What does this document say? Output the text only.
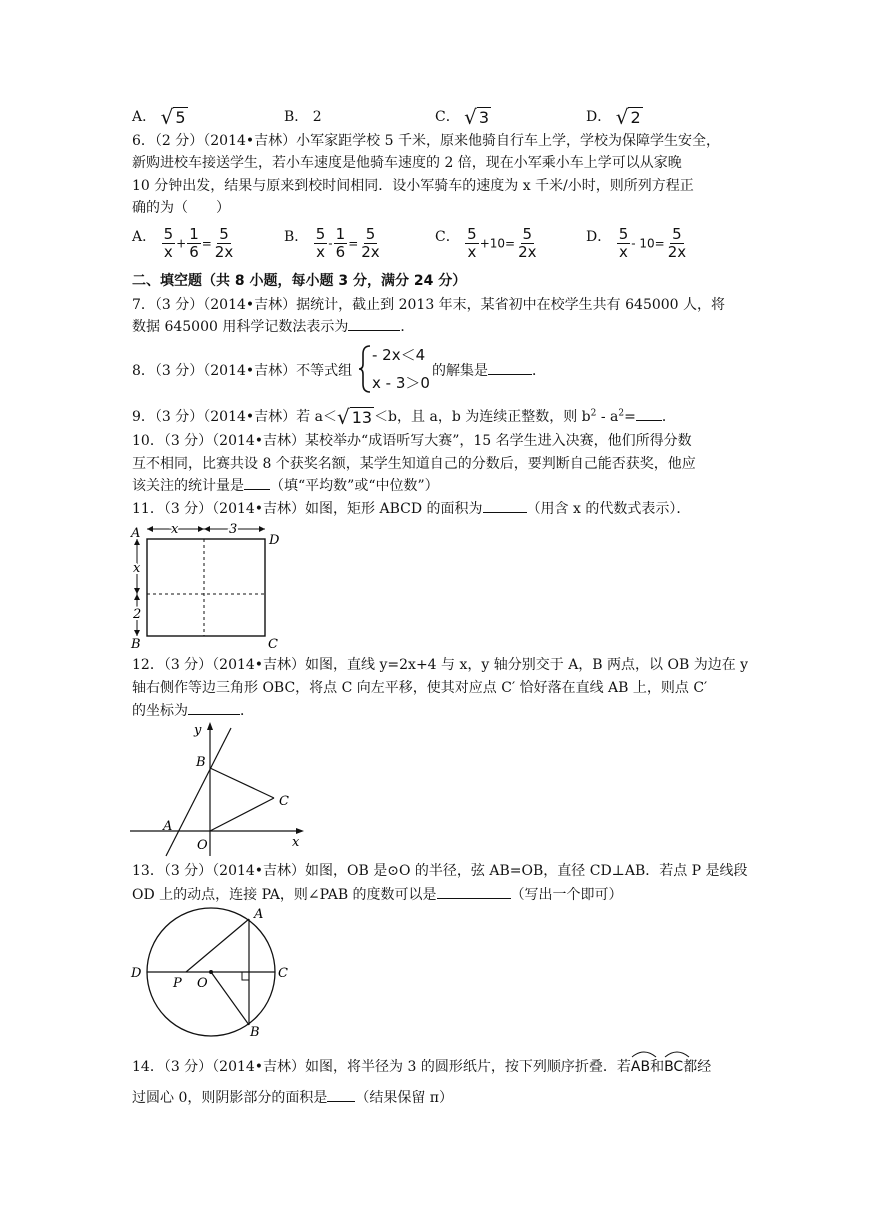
A． √ 5	B． 2	C． √ 3	D． √ 2
6．（2 分）（2014•吉林）小军家距学校 5 千米，原来他骑自行车上学，学校为保障学生安全，
新购进校车接送学生，若小车速度是他骑车速度的 2 倍，现在小军乘小车上学可以从家晚
10 分钟出发，结果与原来到校时间相同．设小军骑车的速度为 x 千米/小时，则所列方程正
确的为（　　）
A． $\frac{5}{x} + \frac{1}{6} = \frac{5}{2x}$	B． $\frac{5}{x} - \frac{1}{6} = \frac{5}{2x}$	C． $\frac{5}{x} +10= \frac{5}{2x}$	D． $\frac{5}{x} - 10= \frac{5}{2x}$
二、填空题（共 8 小题，每小题 3 分，满分 24 分）
7．（3 分）（2014•吉林）据统计，截止到 2013 年末，某省初中在校学生共有 645000 人，将
数据 645000 用科学记数法表示为	．
8．（3 分）（2014•吉林）不等式组
- 2x＜4
x - 3＞0
的解集是	．
9．（3 分）（2014•吉林）若 a＜ √ 13 ＜b，且 a，b 为连续正整数，则 $b^2 - a^2=$ ．
10．（3 分）（2014•吉林）某校举办“成语听写大赛”，15 名学生进入决赛，他们所得分数
互不相同，比赛共设 8 个获奖名额，某学生知道自己的分数后，要判断自己能否获奖，他应
该关注的统计量是 （填“平均数”或“中位数”）
11．（3 分）（2014•吉林）如图，矩形 ABCD 的面积为	（用含 x 的代数式表示）．
A
B	C
D
x	3
x
2
12．（3 分）（2014•吉林）如图，直线 y=2x+4 与 x，y 轴分别交于 A，B 两点，以 OB 为边在 y
轴右侧作等边三角形 OBC，将点 C 向左平移，使其对应点 C′ 恰好落在直线 AB 上，则点 C′
的坐标为	．
y
x
B
C
A
O
13．（3 分）（2014•吉林）如图，OB 是⊙O 的半径，弦 AB=OB，直径 CD⊥AB．若点 P 是线段
OD 上的动点，连接 PA，则∠PAB 的度数可以是	（写出一个即可）
A
B
C
D
P O
14．（3 分）（2014•吉林）如图，将半径为 3 的圆形纸片，按下列顺序折叠．若
AB和
BC都经
过圆心 0，则阴影部分的面积是 （结果保留 π）
